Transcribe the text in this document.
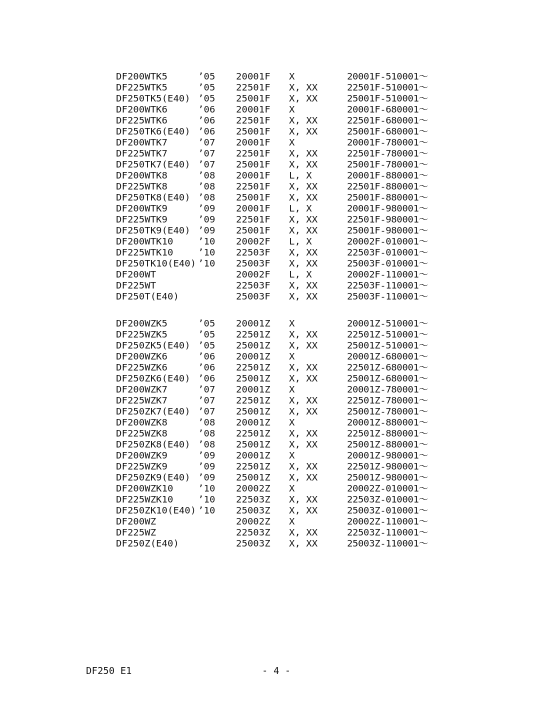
DF200WTK5	’05 20001F X	20001F-510001～
DF225WTK5	’05 22501F X, XX	22501F-510001～
DF250TK5(E40) ’05 25001F X, XX	25001F-510001～
DF200WTK6	’06 20001F X	20001F-680001～
DF225WTK6	’06 22501F X, XX	22501F-680001～
DF250TK6(E40) ’06 25001F X, XX	25001F-680001～
DF200WTK7	’07 20001F X	20001F-780001～
DF225WTK7	’07 22501F X, XX	22501F-780001～
DF250TK7(E40) ’07 25001F X, XX	25001F-780001～
DF200WTK8	’08 20001F L, X	20001F-880001～
DF225WTK8	’08 22501F X, XX	22501F-880001～
DF250TK8(E40) ’08 25001F X, XX	25001F-880001～
DF200WTK9	’09 20001F L, X	20001F-980001～
DF225WTK9	’09 22501F X, XX	22501F-980001～
DF250TK9(E40) ’09 25001F X, XX	25001F-980001～
DF200WTK10	’10 20002F L, X	20002F-010001～
DF225WTK10	’10 22503F X, XX	22503F-010001～
DF250TK10(E40) ’10 25003F X, XX	25003F-010001～
DF200WT	20002F L, X	20002F-110001～
DF225WT	22503F X, XX	22503F-110001～
DF250T(E40)	25003F X, XX	25003F-110001～
DF200WZK5	’05 20001Z X	20001Z-510001～
DF225WZK5	’05 22501Z X, XX	22501Z-510001～
DF250ZK5(E40) ’05 25001Z X, XX	25001Z-510001～
DF200WZK6	’06 20001Z X	20001Z-680001～
DF225WZK6	’06 22501Z X, XX	22501Z-680001～
DF250ZK6(E40) ’06 25001Z X, XX	25001Z-680001～
DF200WZK7	’07 20001Z X	20001Z-780001～
DF225WZK7	’07 22501Z X, XX	22501Z-780001～
DF250ZK7(E40) ’07 25001Z X, XX	25001Z-780001～
DF200WZK8	’08 20001Z X	20001Z-880001～
DF225WZK8	’08 22501Z X, XX	22501Z-880001～
DF250ZK8(E40) ’08 25001Z X, XX	25001Z-880001～
DF200WZK9	’09 20001Z X	20001Z-980001～
DF225WZK9	’09 22501Z X, XX	22501Z-980001～
DF250ZK9(E40) ’09 25001Z X, XX	25001Z-980001～
DF200WZK10	’10 20002Z X	20002Z-010001～
DF225WZK10	’10 22503Z X, XX	22503Z-010001～
DF250ZK10(E40) ’10 25003Z X, XX	25003Z-010001～
DF200WZ	20002Z X	20002Z-110001～
DF225WZ	22503Z X, XX	22503Z-110001～
DF250Z(E40)	25003Z X, XX	25003Z-110001～
DF250 E1	- 4 -
